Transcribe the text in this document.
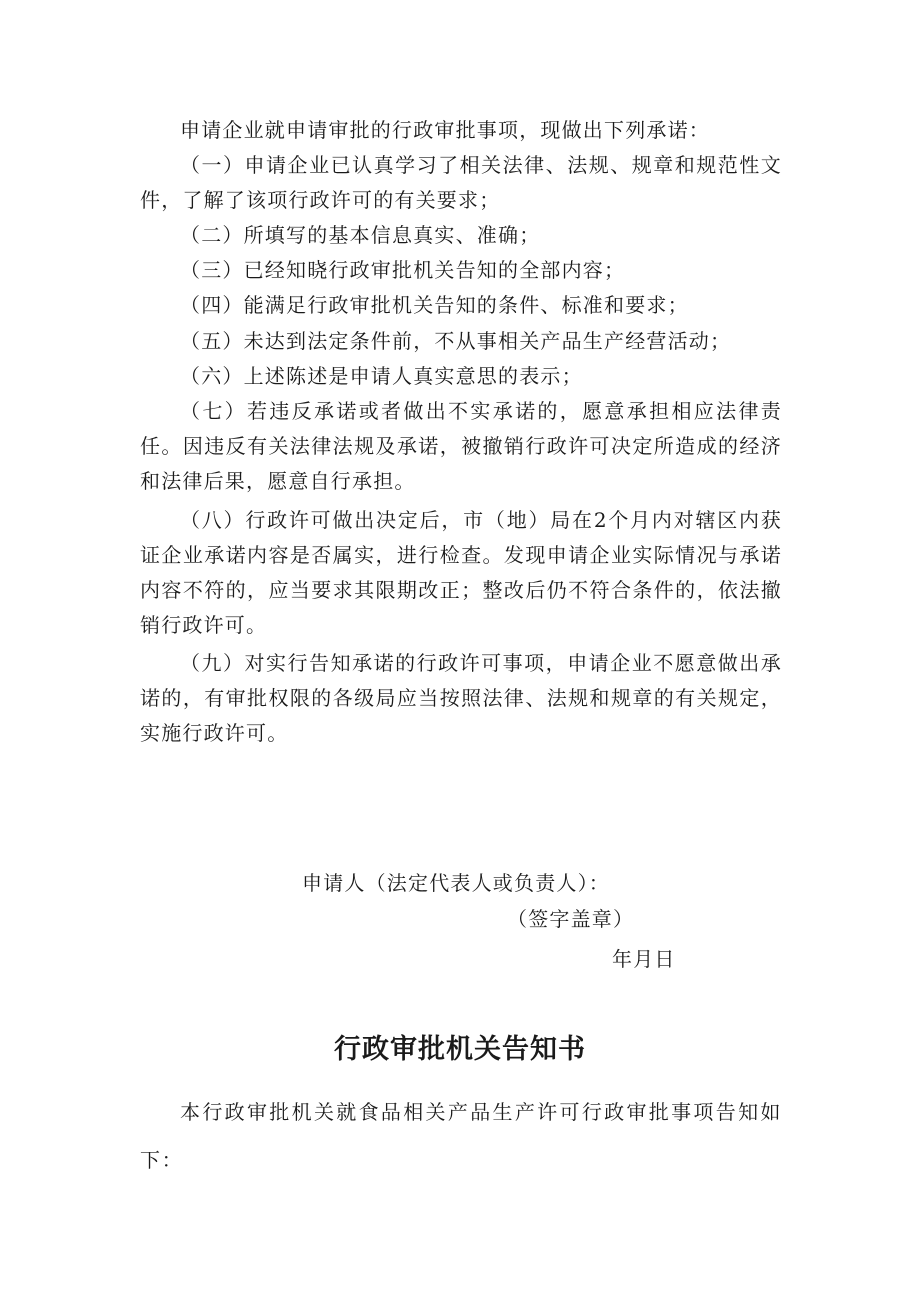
申请企业就申请审批的行政审批事项，现做出下列承诺：

（一）申请企业已认真学习了相关法律、法规、规章和规范性文件，了解了该项行政许可的有关要求；

（二）所填写的基本信息真实、准确；

（三）已经知晓行政审批机关告知的全部内容；

（四）能满足行政审批机关告知的条件、标准和要求；

（五）未达到法定条件前，不从事相关产品生产经营活动；

（六）上述陈述是申请人真实意思的表示；

（七）若违反承诺或者做出不实承诺的，愿意承担相应法律责任。因违反有关法律法规及承诺，被撤销行政许可决定所造成的经济和法律后果，愿意自行承担。

（八）行政许可做出决定后，市（地）局在2个月内对辖区内获证企业承诺内容是否属实，进行检查。发现申请企业实际情况与承诺内容不符的，应当要求其限期改正；整改后仍不符合条件的，依法撤销行政许可。

（九）对实行告知承诺的行政许可事项，申请企业不愿意做出承诺的，有审批权限的各级局应当按照法律、法规和规章的有关规定，实施行政许可。

申请人（法定代表人或负责人）：

（签字盖章）

年月日

行政审批机关告知书

本行政审批机关就食品相关产品生产许可行政审批事项告知如下：
